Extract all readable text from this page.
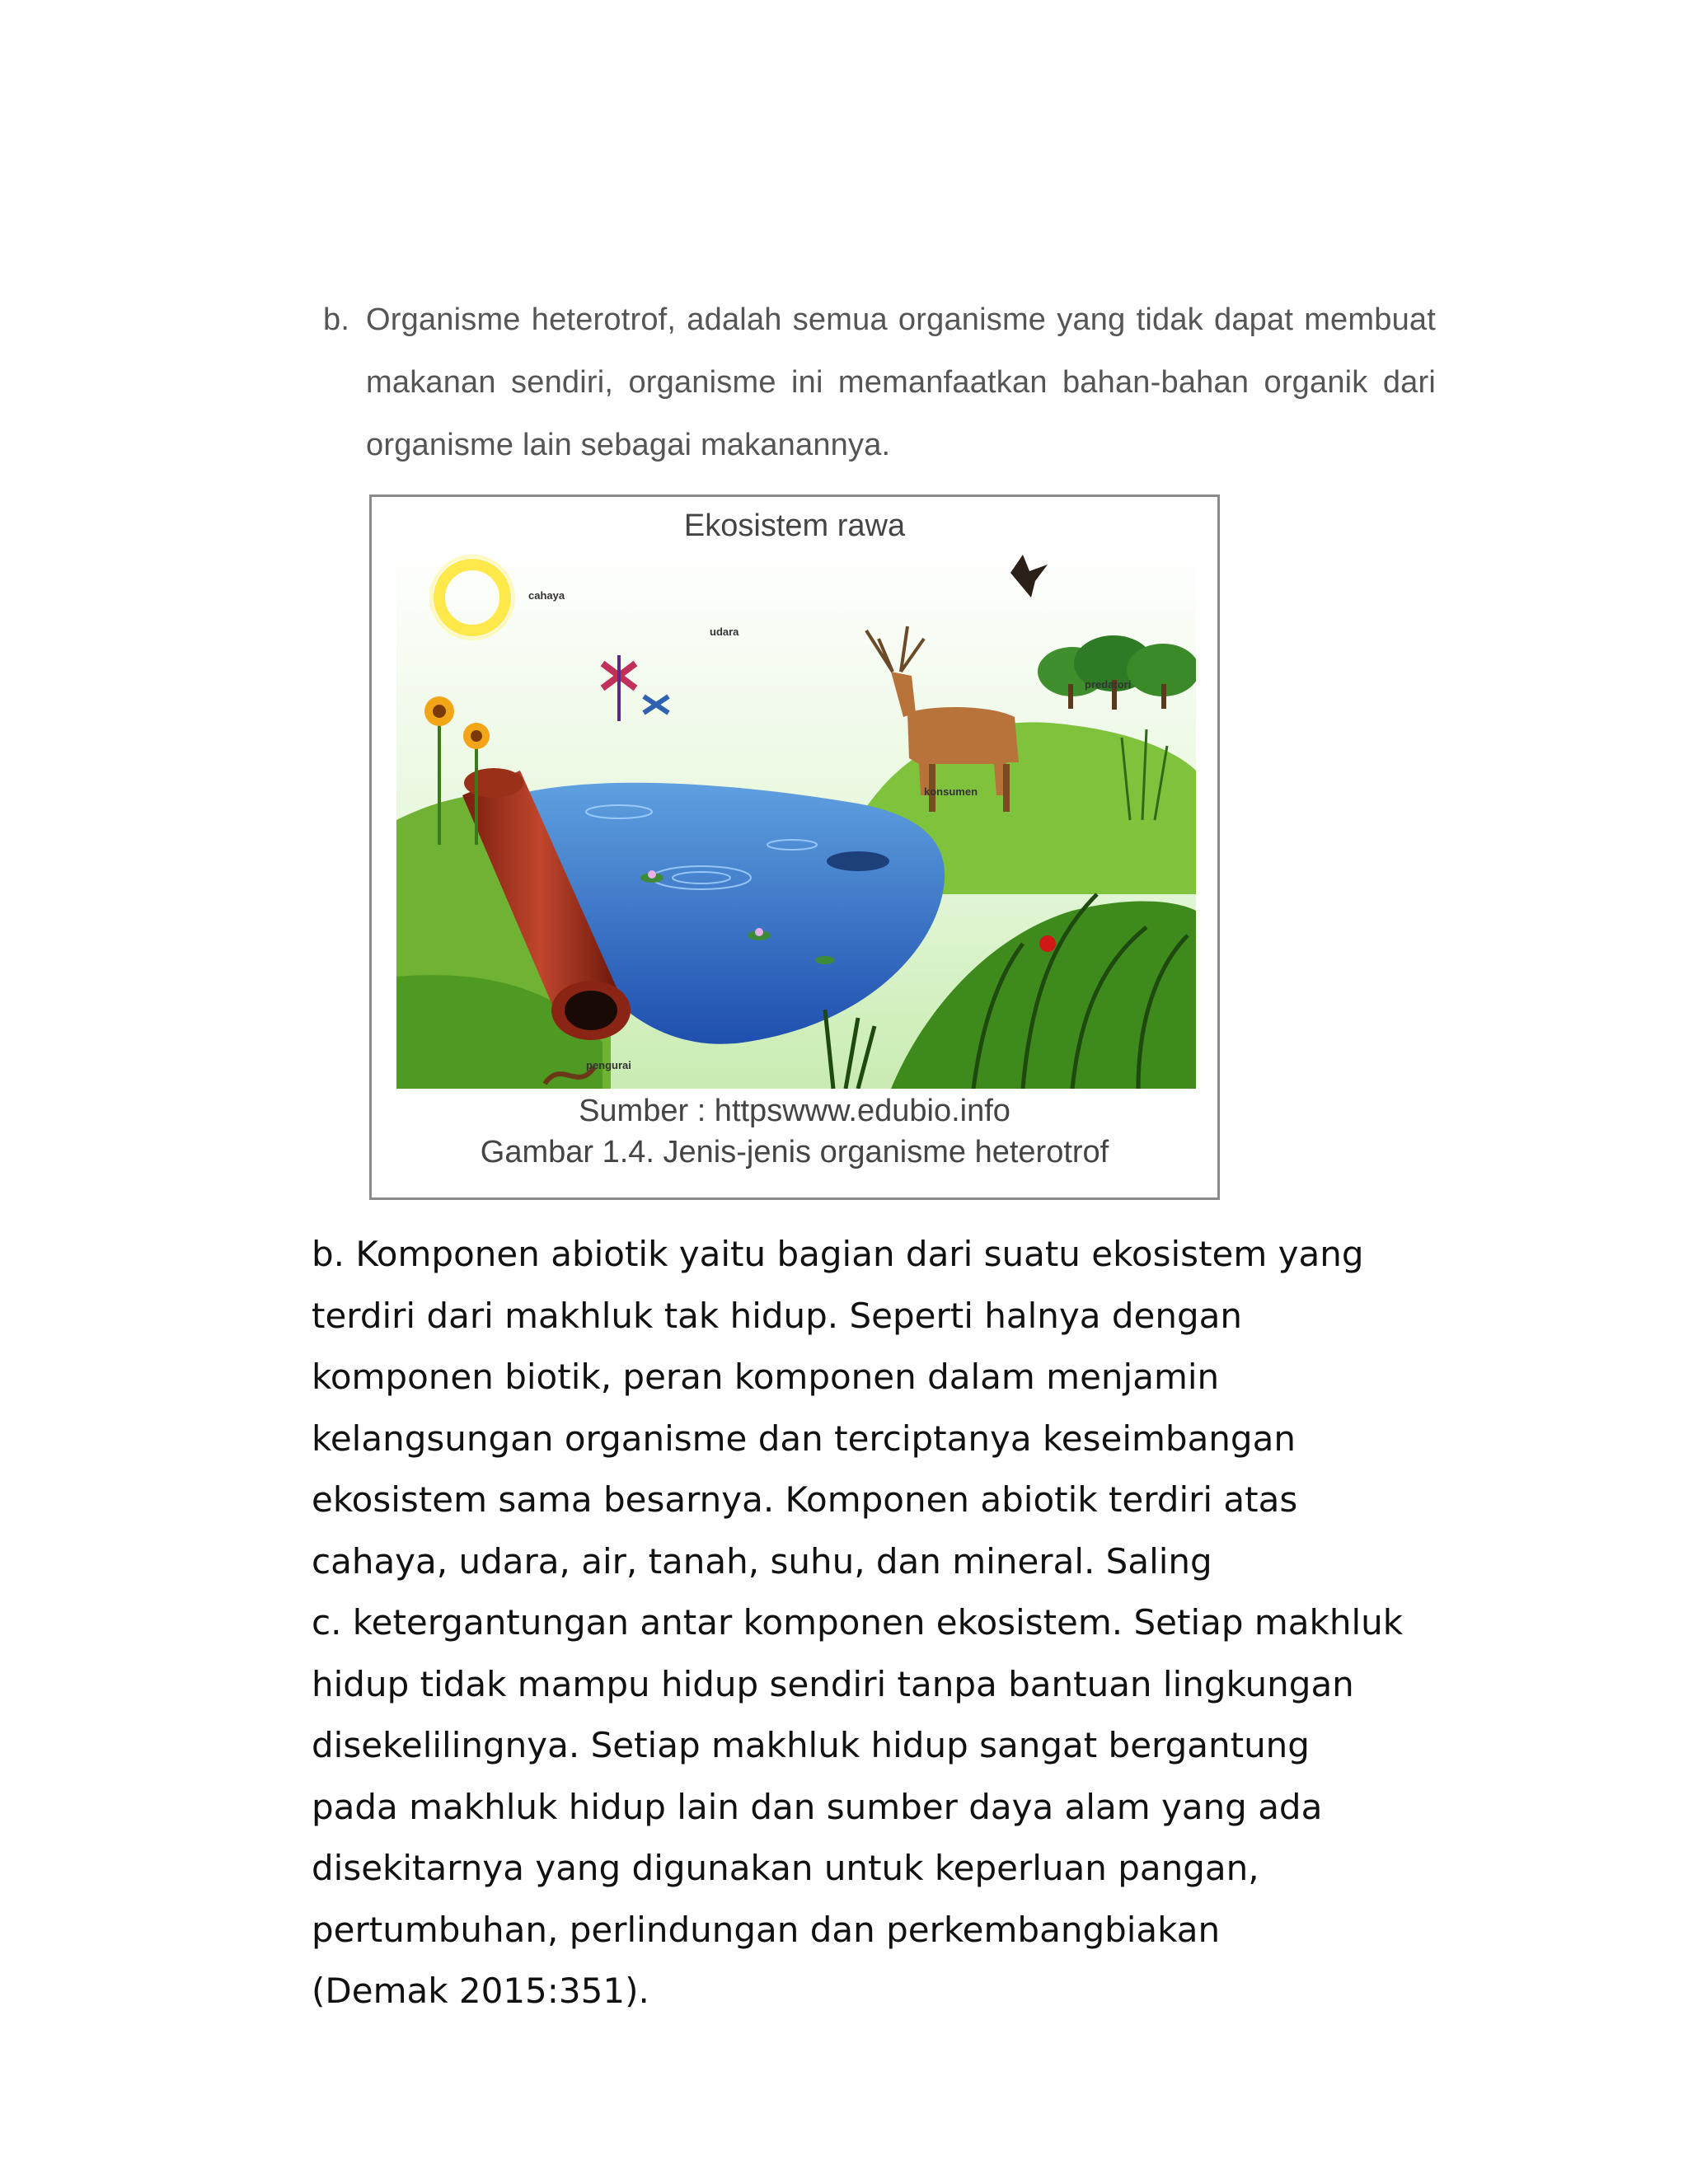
b. Organisme heterotrof, adalah semua organisme yang tidak dapat membuat makanan sendiri, organisme ini memanfaatkan bahan-bahan organik dari organisme lain sebagai makanannya.
Ekosistem rawa
cahaya
udara
predatori
konsumen
pengurai
Sumber : httpswww.edubio.info
Gambar 1.4. Jenis-jenis organisme heterotrof
b. Komponen abiotik yaitu bagian dari suatu ekosistem yang
terdiri dari makhluk tak hidup. Seperti halnya dengan
komponen biotik, peran komponen dalam menjamin
kelangsungan organisme dan terciptanya keseimbangan
ekosistem sama besarnya. Komponen abiotik terdiri atas
cahaya, udara, air, tanah, suhu, dan mineral. Saling
c. ketergantungan antar komponen ekosistem. Setiap makhluk
hidup tidak mampu hidup sendiri tanpa bantuan lingkungan
disekelilingnya. Setiap makhluk hidup sangat bergantung
pada makhluk hidup lain dan sumber daya alam yang ada
disekitarnya yang digunakan untuk keperluan pangan,
pertumbuhan, perlindungan dan perkembangbiakan
(Demak 2015:351).
